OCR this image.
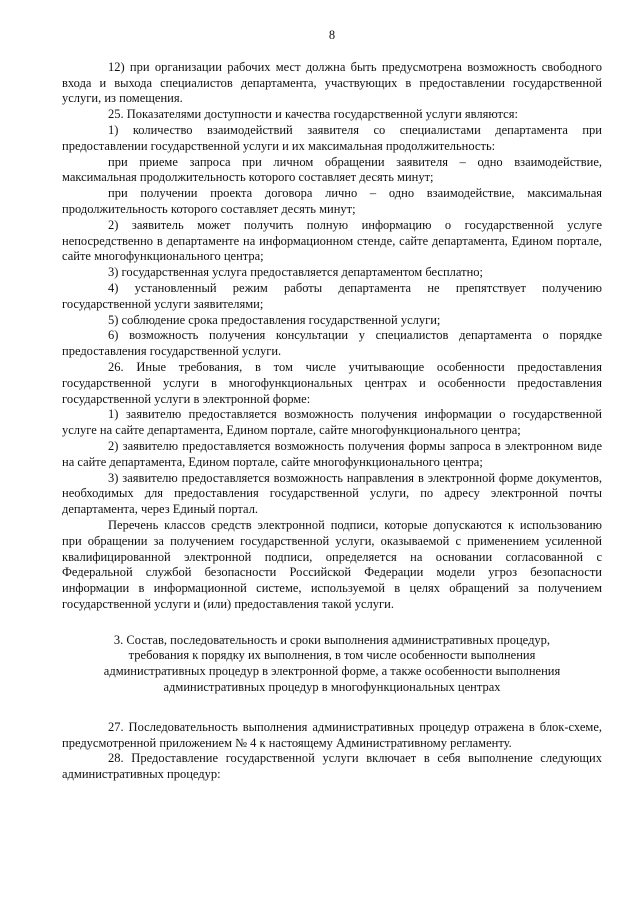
8

12) при организации рабочих мест должна быть предусмотрена возможность свободного входа и выхода специалистов департамента, участвующих в предоставлении государственной услуги, из помещения.

25. Показателями доступности и качества государственной услуги являются:

1) количество взаимодействий заявителя со специалистами департамента при предоставлении государственной услуги и их максимальная продолжительность:

при приеме запроса при личном обращении заявителя – одно взаимодействие, максимальная продолжительность которого составляет десять минут;

при получении проекта договора лично – одно взаимодействие, максимальная продолжительность которого составляет десять минут;

2) заявитель может получить полную информацию о государственной услуге непосредственно в департаменте на информационном стенде, сайте департамента, Едином портале, сайте многофункционального центра;

3) государственная услуга предоставляется департаментом бесплатно;

4) установленный режим работы департамента не препятствует получению государственной услуги заявителями;

5) соблюдение срока предоставления государственной услуги;

6) возможность получения консультации у специалистов департамента о порядке предоставления государственной услуги.

26. Иные требования, в том числе учитывающие особенности предоставления государственной услуги в многофункциональных центрах и особенности предоставления государственной услуги в электронной форме:

1) заявителю предоставляется возможность получения информации о государственной услуге на сайте департамента, Едином портале, сайте многофункционального центра;

2) заявителю предоставляется возможность получения формы запроса в электронном виде на сайте департамента, Едином портале, сайте многофункционального центра;

3) заявителю предоставляется возможность направления в электронной форме документов, необходимых для предоставления государственной услуги, по адресу электронной почты департамента, через Единый портал.

Перечень классов средств электронной подписи, которые допускаются к использованию при обращении за получением государственной услуги, оказываемой с применением усиленной квалифицированной электронной подписи, определяется на основании согласованной с Федеральной службой безопасности Российской Федерации модели угроз безопасности информации в информационной системе, используемой в целях обращений за получением государственной услуги и (или) предоставления такой услуги.

3. Состав, последовательность и сроки выполнения административных процедур,
требования к порядку их выполнения, в том числе особенности выполнения
административных процедур в электронной форме, а также особенности выполнения
административных процедур в многофункциональных центрах

27. Последовательность выполнения административных процедур отражена в блок-схеме, предусмотренной приложением № 4 к настоящему Административному регламенту.

28. Предоставление государственной услуги включает в себя выполнение следующих административных процедур:
